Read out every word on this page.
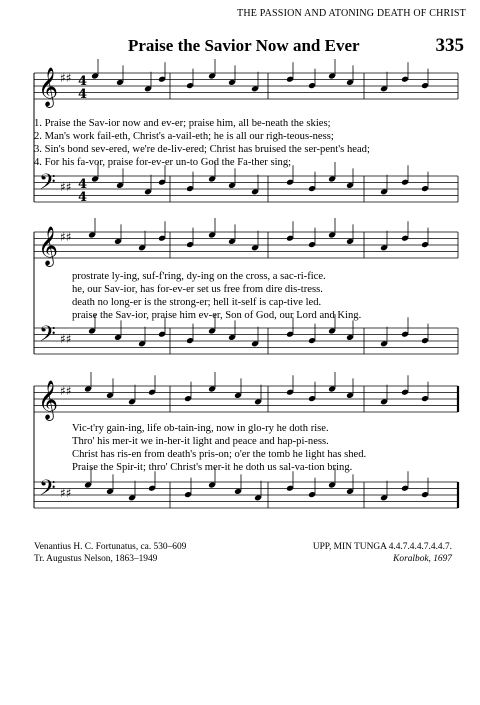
THE PASSION AND ATONING DEATH OF CHRIST
Praise the Savior Now and Ever	335
𝄞
𝄢
♯♯
♯♯
4
4
4
4
𝄞
𝄢
♯♯
♯♯
𝄞
𝄢
♯♯
♯♯
1. Praise the Sav-ior now and ev-er; praise him, all be-neath the skies;
2. Man's work fail-eth, Christ's a-vail-eth; he is all our righ-teous-ness;
3. Sin's bond sev-ered, we're de-liv-ered; Christ has bruised the ser-pent's head;
4. For his fa-vor, praise for-ev-er un-to God the Fa-ther sing;
prostrate ly-ing, suf-f'ring, dy-ing on the cross, a sac-ri-fice.
he, our Sav-ior, has for-ev-er set us free from dire dis-tress.
death no long-er is the strong-er; hell it-self is cap-tive led.
praise the Sav-ior, praise him ev-er, Son of God, our Lord and King.
Vic-t'ry gain-ing, life ob-tain-ing, now in glo-ry he doth rise.
Thro' his mer-it we in-her-it light and peace and hap-pi-ness.
Christ has ris-en from death's pris-on; o'er the tomb he light has shed.
Praise the Spir-it; thro' Christ's mer-it he doth us sal-va-tion bring.
Venantius H. C. Fortunatus, ca. 530–609
Tr. Augustus Nelson, 1863–1949
UPP, MIN TUNGA 4.4.7.4.4.7.4.4.7.
Koralbok, 1697
